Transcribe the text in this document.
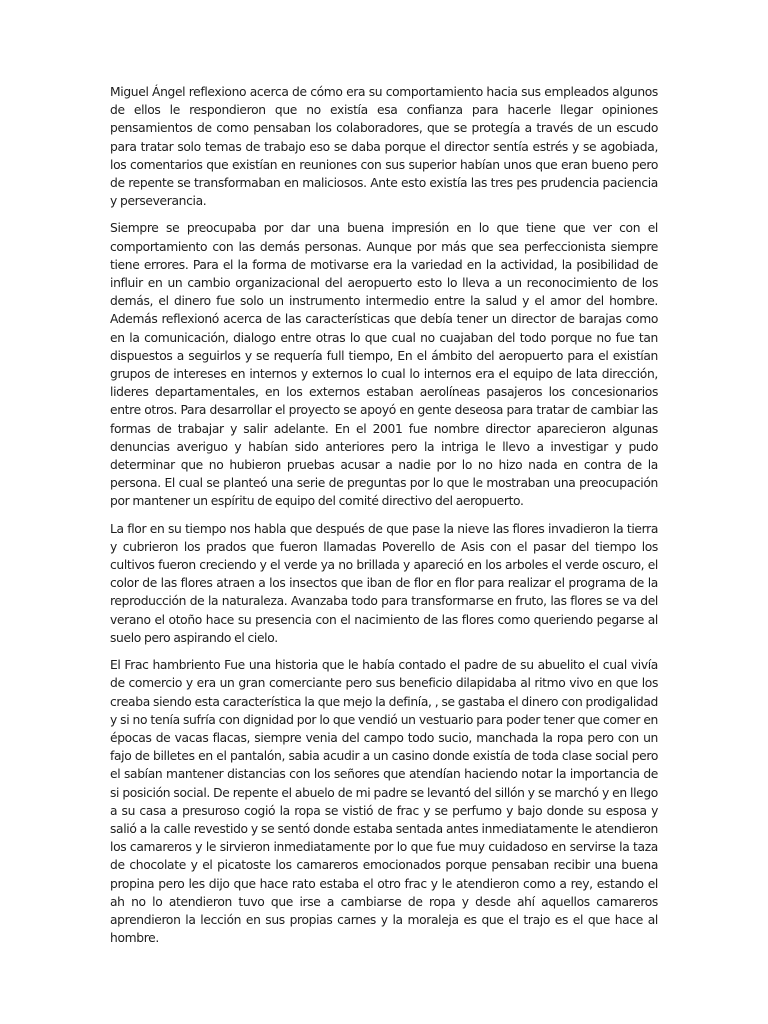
Miguel Ángel reflexiono acerca de cómo era su comportamiento hacia sus empleados algunos de ellos le respondieron que no existía esa confianza para hacerle llegar opiniones pensamientos de como pensaban los colaboradores, que se protegía a través de un escudo para tratar solo temas de trabajo eso se daba porque el director sentía estrés y se agobiada, los comentarios que existían en reuniones con sus superior habían unos que eran bueno pero de repente se transformaban en maliciosos. Ante esto existía las tres pes prudencia paciencia y perseverancia.

Siempre se preocupaba por dar una buena impresión en lo que tiene que ver con el comportamiento con las demás personas. Aunque por más que sea perfeccionista siempre tiene errores. Para el la forma de motivarse era la variedad en la actividad, la posibilidad de influir en un cambio organizacional del aeropuerto esto lo lleva a un reconocimiento de los demás, el dinero fue solo un instrumento intermedio entre la salud y el amor del hombre. Además reflexionó acerca de las características que debía tener un director de barajas como en la comunicación, dialogo entre otras lo que cual no cuajaban del todo porque no fue tan dispuestos a seguirlos y se requería full tiempo, En el ámbito del aeropuerto para el existían grupos de intereses en internos y externos lo cual lo internos era el equipo de lata dirección, lideres departamentales, en los externos estaban aerolíneas pasajeros los concesionarios entre otros. Para desarrollar el proyecto se apoyó en gente deseosa para tratar de cambiar las formas de trabajar y salir adelante. En el 2001 fue nombre director aparecieron algunas denuncias averiguo y habían sido anteriores pero la intriga le llevo a investigar y pudo determinar que no hubieron pruebas acusar a nadie por lo no hizo nada en contra de la persona. El cual se planteó una serie de preguntas por lo que le mostraban una preocupación por mantener un espíritu de equipo del comité directivo del aeropuerto.

La flor en su tiempo nos habla que después de que pase la nieve las flores invadieron la tierra y cubrieron los prados que fueron llamadas Poverello de Asis con el pasar del tiempo los cultivos fueron creciendo y el verde ya no brillada y apareció en los arboles el verde oscuro, el color de las flores atraen a los insectos que iban de flor en flor para realizar el programa de la reproducción de la naturaleza. Avanzaba todo para transformarse en fruto, las flores se va del verano el otoño hace su presencia con el nacimiento de las flores como queriendo pegarse al suelo pero aspirando el cielo.

El Frac hambriento Fue una historia que le había contado el padre de su abuelito el cual vivía de comercio y era un gran comerciante pero sus beneficio dilapidaba al ritmo vivo en que los creaba siendo esta característica la que mejo la definía, , se gastaba el dinero con prodigalidad y si no tenía sufría con dignidad por lo que vendió un vestuario para poder tener que comer en épocas de vacas flacas, siempre venia del campo todo sucio, manchada la ropa pero con un fajo de billetes en el pantalón, sabia acudir a un casino donde existía de toda clase social pero el sabían mantener distancias con los señores que atendían haciendo notar la importancia de si posición social. De repente el abuelo de mi padre se levantó del sillón y se marchó y en llego a su casa a presuroso cogió la ropa se vistió de frac y se perfumo y bajo donde su esposa y salió a la calle revestido y se sentó donde estaba sentada antes inmediatamente le atendieron los camareros y le sirvieron inmediatamente por lo que fue muy cuidadoso en servirse la taza de chocolate y el picatoste los camareros emocionados porque pensaban recibir una buena propina pero les dijo que hace rato estaba el otro frac y le atendieron como a rey, estando el ah no lo atendieron tuvo que irse a cambiarse de ropa y desde ahí aquellos camareros aprendieron la lección en sus propias carnes y la moraleja es que el trajo es el que hace al hombre.
